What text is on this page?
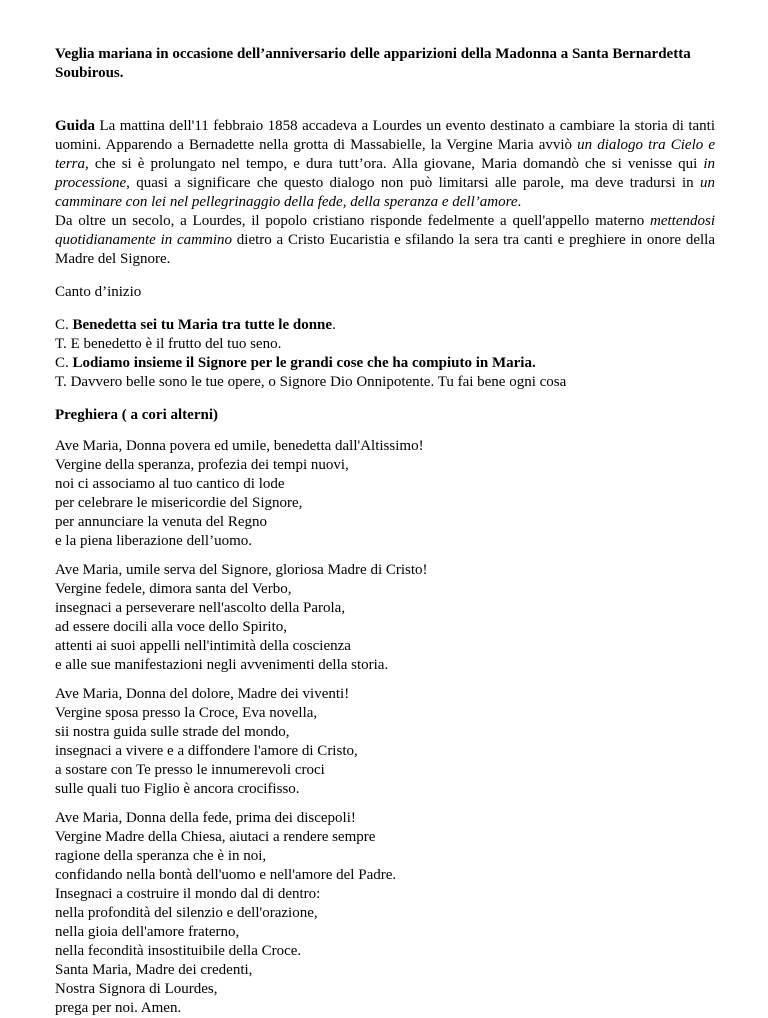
Veglia mariana in occasione dell’anniversario delle apparizioni della Madonna a Santa Bernardetta Soubirous.

Guida La mattina dell'11 febbraio 1858 accadeva a Lourdes un evento destinato a cambiare la storia di tanti uomini. Apparendo a Bernadette nella grotta di Massabielle, la Vergine Maria avviò un dialogo tra Cielo e terra, che si è prolungato nel tempo, e dura tutt’ora. Alla giovane, Maria domandò che si venisse qui in processione, quasi a significare che questo dialogo non può limitarsi alle parole, ma deve tradursi in un camminare con lei nel pellegrinaggio della fede, della speranza e dell’amore.

Da oltre un secolo, a Lourdes, il popolo cristiano risponde fedelmente a quell'appello materno mettendosi quotidianamente in cammino dietro a Cristo Eucaristia e sfilando la sera tra canti e preghiere in onore della Madre del Signore.

Canto d’inizio

C. Benedetta sei tu Maria tra tutte le donne.
T. E benedetto è il frutto del tuo seno.
C. Lodiamo insieme il Signore per le grandi cose che ha compiuto in Maria.
T. Davvero belle sono le tue opere, o Signore Dio Onnipotente. Tu fai bene ogni cosa

Preghiera ( a cori alterni)

Ave Maria, Donna povera ed umile, benedetta dall'Altissimo!
Vergine della speranza, profezia dei tempi nuovi,
noi ci associamo al tuo cantico di lode
per celebrare le misericordie del Signore,
per annunciare la venuta del Regno
e la piena liberazione dell’uomo.
Ave Maria, umile serva del Signore, gloriosa Madre di Cristo!
Vergine fedele, dimora santa del Verbo,
insegnaci a perseverare nell'ascolto della Parola,
ad essere docili alla voce dello Spirito,
attenti ai suoi appelli nell'intimità della coscienza
e alle sue manifestazioni negli avvenimenti della storia.
Ave Maria, Donna del dolore, Madre dei viventi!
Vergine sposa presso la Croce, Eva novella,
sii nostra guida sulle strade del mondo,
insegnaci a vivere e a diffondere l'amore di Cristo,
a sostare con Te presso le innumerevoli croci
sulle quali tuo Figlio è ancora crocifisso.
Ave Maria, Donna della fede, prima dei discepoli!
Vergine Madre della Chiesa, aiutaci a rendere sempre
ragione della speranza che è in noi,
confidando nella bontà dell'uomo e nell'amore del Padre.
Insegnaci a costruire il mondo dal di dentro:
nella profondità del silenzio e dell'orazione,
nella gioia dell'amore fraterno,
nella fecondità insostituibile della Croce.
Santa Maria, Madre dei credenti,
Nostra Signora di Lourdes,
prega per noi. Amen.
